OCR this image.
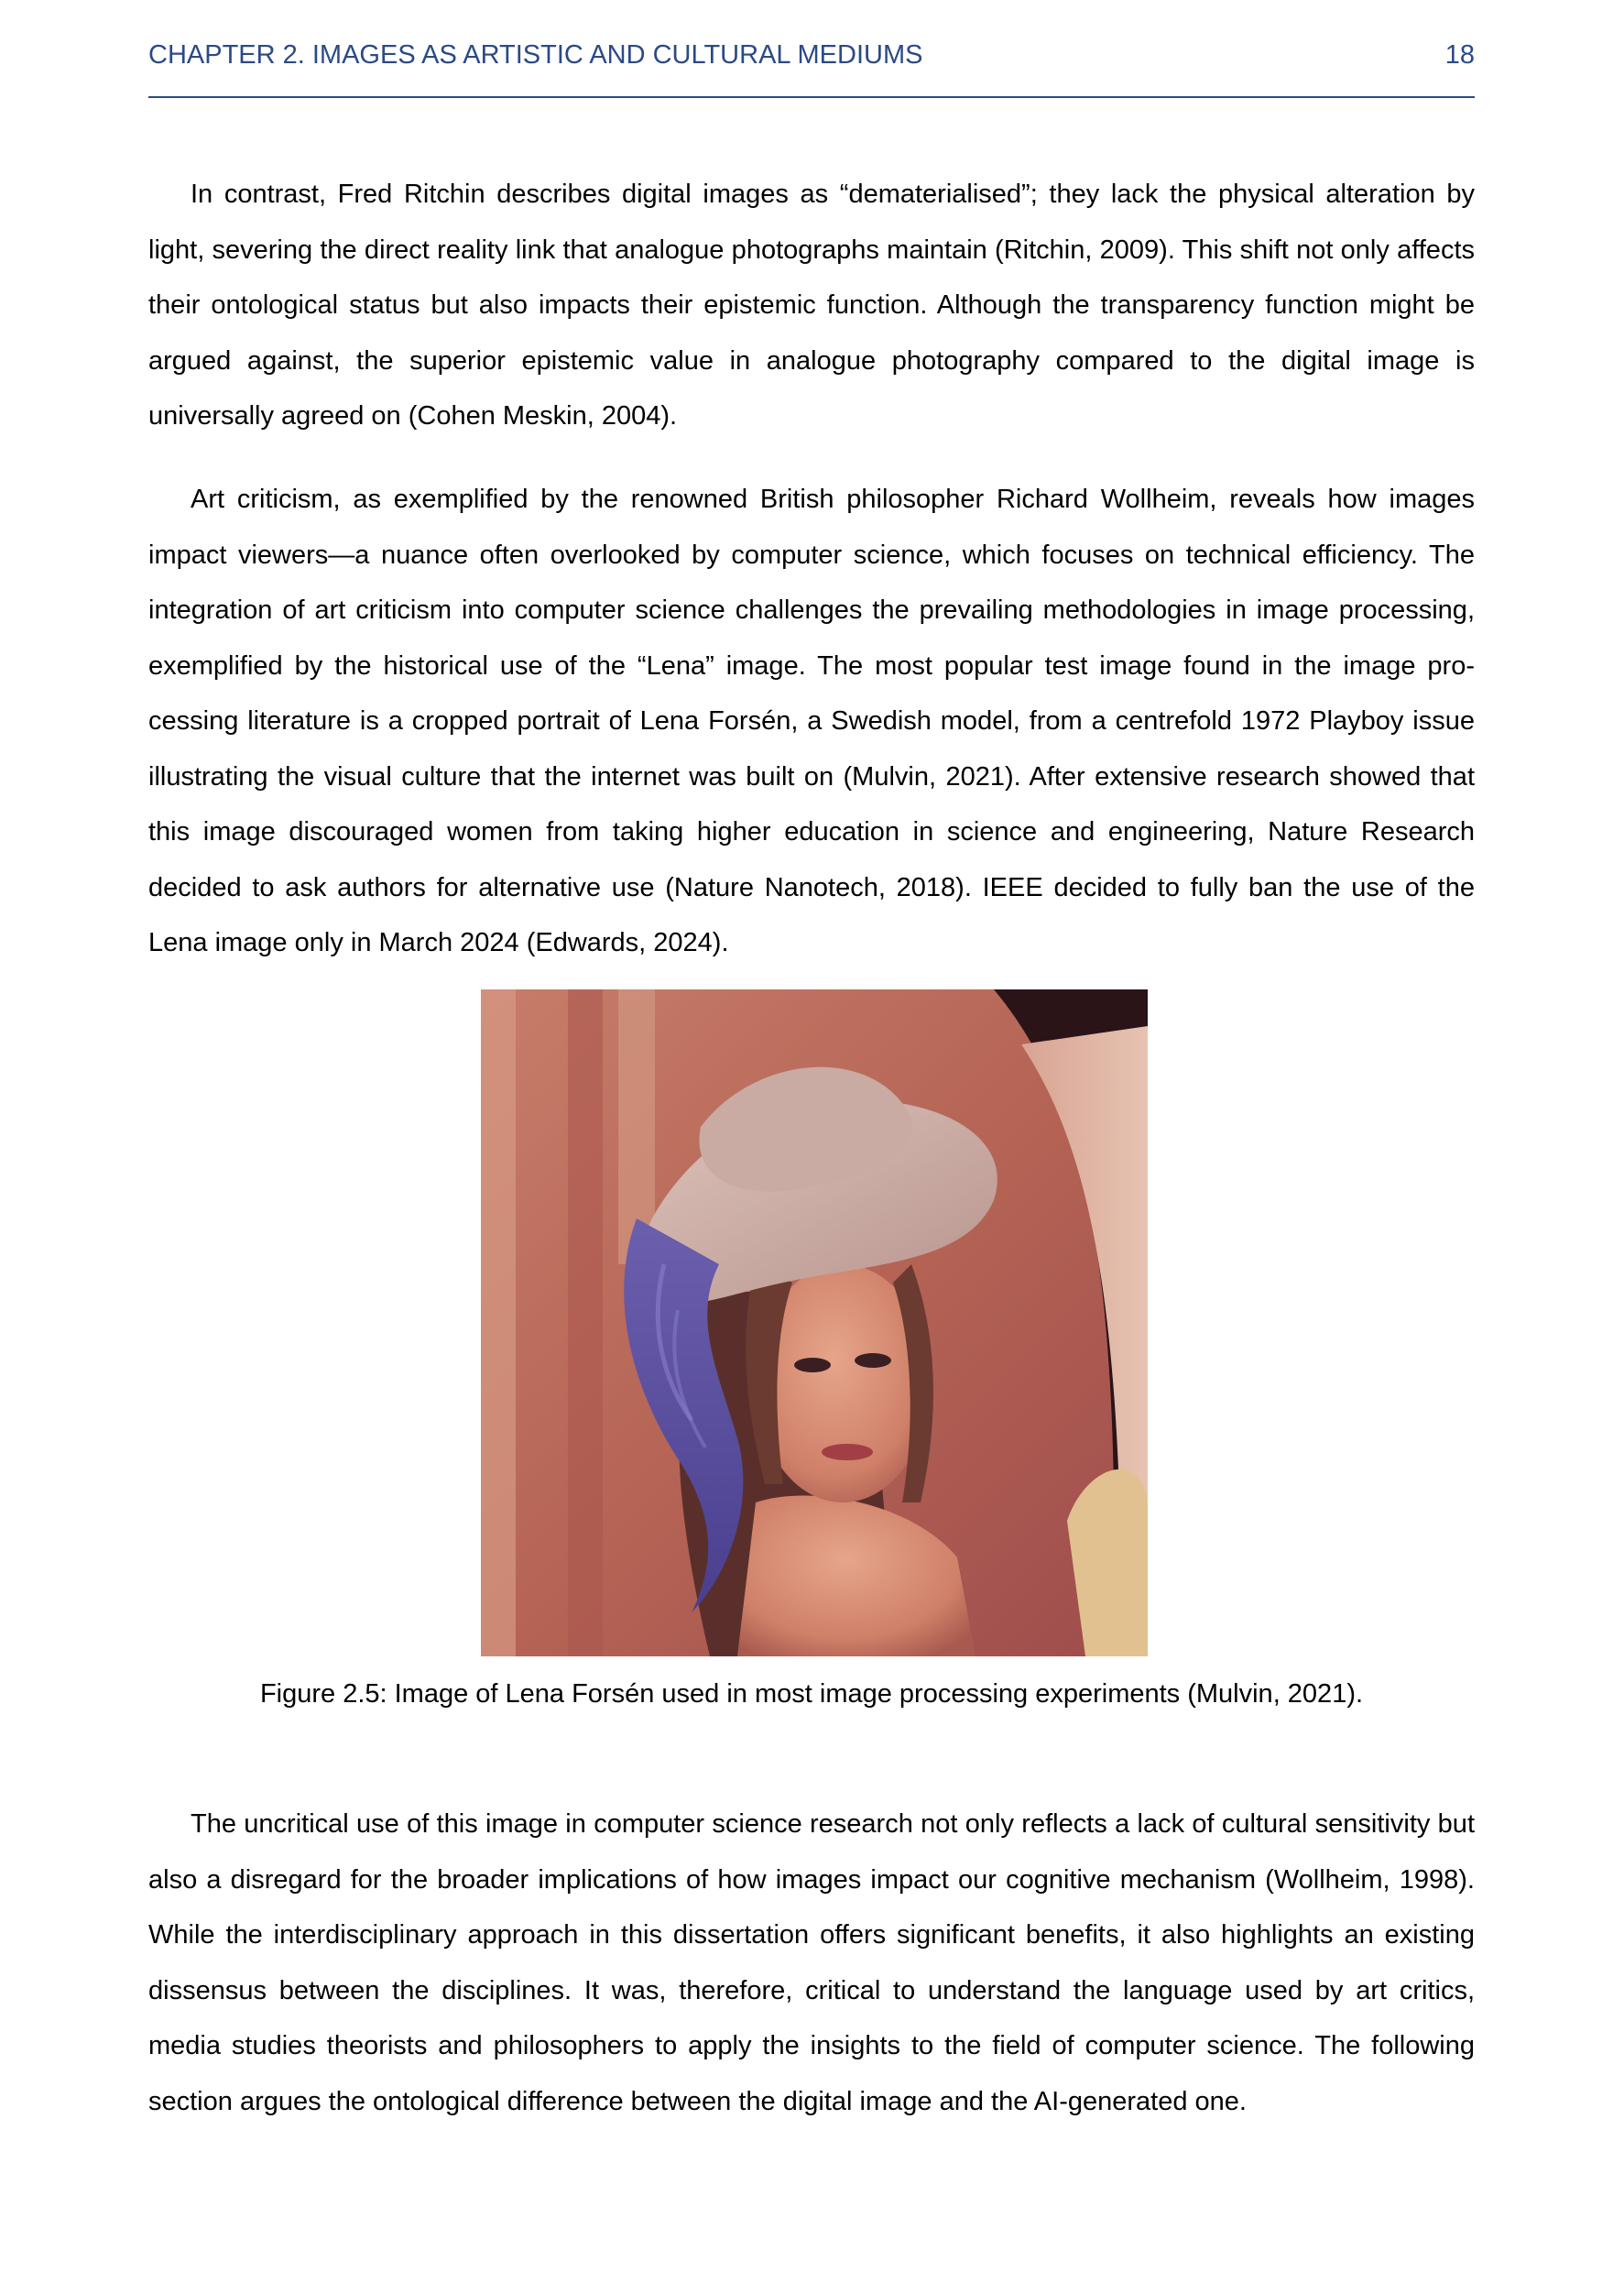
CHAPTER 2. IMAGES AS ARTISTIC AND CULTURAL MEDIUMS	18

In contrast, Fred Ritchin describes digital images as “dematerialised”; they lack the physical alteration by light, severing the direct reality link that analogue photographs maintain (Ritchin, 2009). This shift not only affects their ontological status but also impacts their epistemic function. Although the transparency function might be argued against, the superior epistemic value in analogue photography compared to the digital image is universally agreed on (Cohen Meskin, 2004).

Art criticism, as exemplified by the renowned British philosopher Richard Wollheim, reveals how images impact viewers—a nuance often overlooked by computer science, which focuses on technical efficiency. The integration of art criticism into computer science challenges the prevailing methodologies in image processing, exemplified by the historical use of the “Lena” image. The most popular test image found in the image processing literature is a cropped portrait of Lena Forsén, a Swedish model, from a centrefold 1972 Playboy issue illustrating the visual culture that the internet was built on (Mulvin, 2021). After extensive research showed that this image discouraged women from taking higher education in science and engineering, Nature Research decided to ask authors for alternative use (Nature Nanotech, 2018). IEEE decided to fully ban the use of the Lena image only in March 2024 (Edwards, 2024).

Figure 2.5: Image of Lena Forsén used in most image processing experiments (Mulvin, 2021).

The uncritical use of this image in computer science research not only reflects a lack of cultural sensitivity but also a disregard for the broader implications of how images impact our cognitive mechanism (Wollheim, 1998). While the interdisciplinary approach in this dissertation offers significant benefits, it also highlights an existing dissensus between the disciplines. It was, therefore, critical to understand the language used by art critics, media studies theorists and philosophers to apply the insights to the field of computer science. The following section argues the ontological difference between the digital image and the AI-generated one.
